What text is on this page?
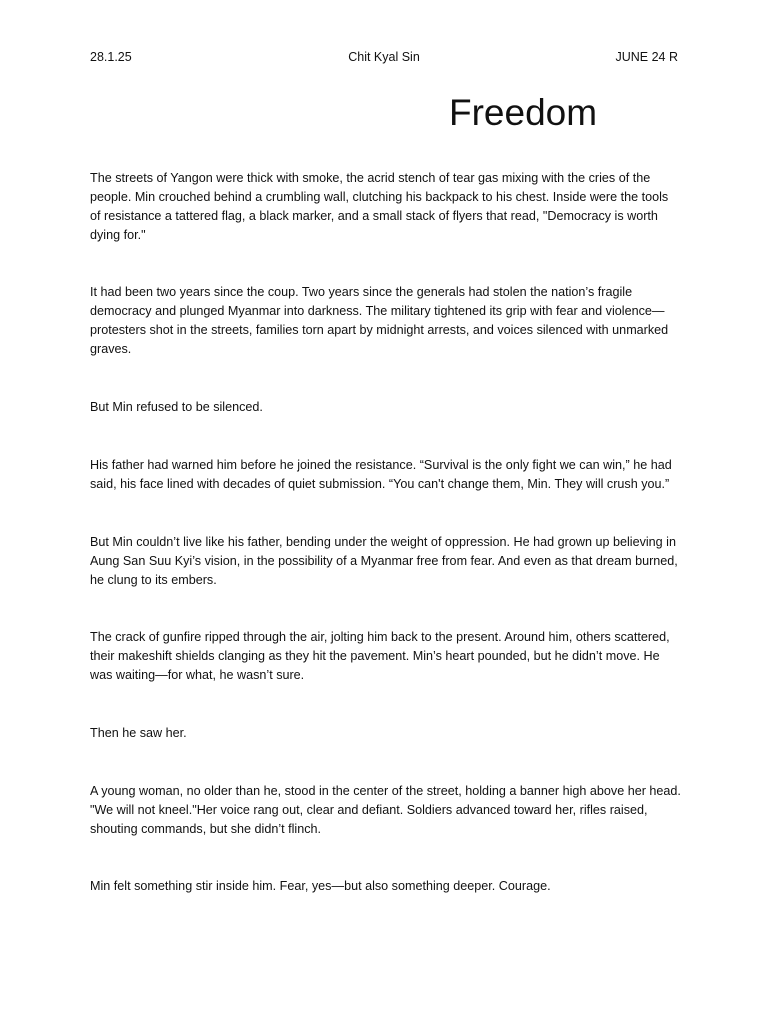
28.1.25	Chit Kyal Sin	JUNE 24 R
Freedom

The streets of Yangon were thick with smoke, the acrid stench of tear gas mixing with the cries of the people. Min crouched behind a crumbling wall, clutching his backpack to his chest. Inside were the tools of resistance a tattered flag, a black marker, and a small stack of flyers that read, "Democracy is worth dying for."

It had been two years since the coup. Two years since the generals had stolen the nation’s fragile democracy and plunged Myanmar into darkness. The military tightened its grip with fear and violence—protesters shot in the streets, families torn apart by midnight arrests, and voices silenced with unmarked graves.

But Min refused to be silenced.

His father had warned him before he joined the resistance. “Survival is the only fight we can win,” he had said, his face lined with decades of quiet submission. “You can't change them, Min. They will crush you.”

But Min couldn’t live like his father, bending under the weight of oppression. He had grown up believing in Aung San Suu Kyi’s vision, in the possibility of a Myanmar free from fear. And even as that dream burned, he clung to its embers.

The crack of gunfire ripped through the air, jolting him back to the present. Around him, others scattered, their makeshift shields clanging as they hit the pavement. Min’s heart pounded, but he didn’t move. He was waiting—for what, he wasn’t sure.

Then he saw her.

A young woman, no older than he, stood in the center of the street, holding a banner high above her head. "We will not kneel."Her voice rang out, clear and defiant. Soldiers advanced toward her, rifles raised, shouting commands, but she didn’t flinch.

Min felt something stir inside him. Fear, yes—but also something deeper. Courage.
